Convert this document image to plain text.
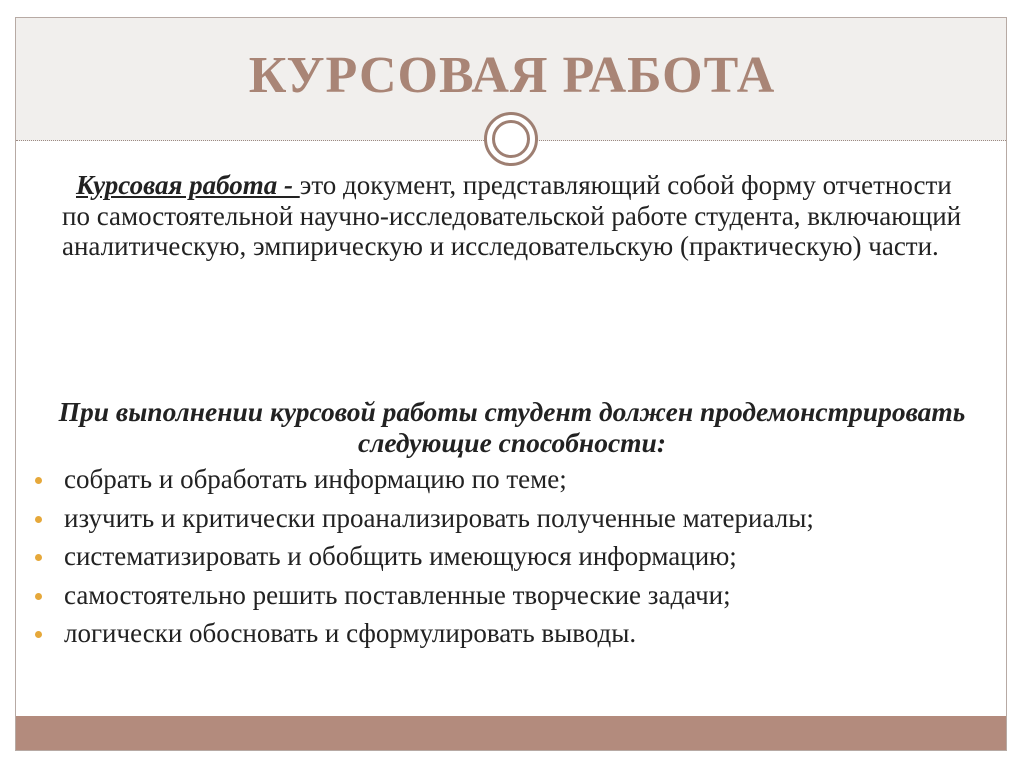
КУРСОВАЯ РАБОТА
Курсовая работа - это документ, представляющий собой форму отчетности по самостоятельной научно-исследовательской работе студента, включающий аналитическую, эмпирическую и исследовательскую (практическую) части.

При выполнении курсовой работы студент должен продемонстрировать следующие способности:

собрать и обработать информацию по теме;
изучить и критически проанализировать полученные материалы;
систематизировать и обобщить имеющуюся информацию;
самостоятельно решить поставленные творческие задачи;
логически обосновать и сформулировать выводы.
